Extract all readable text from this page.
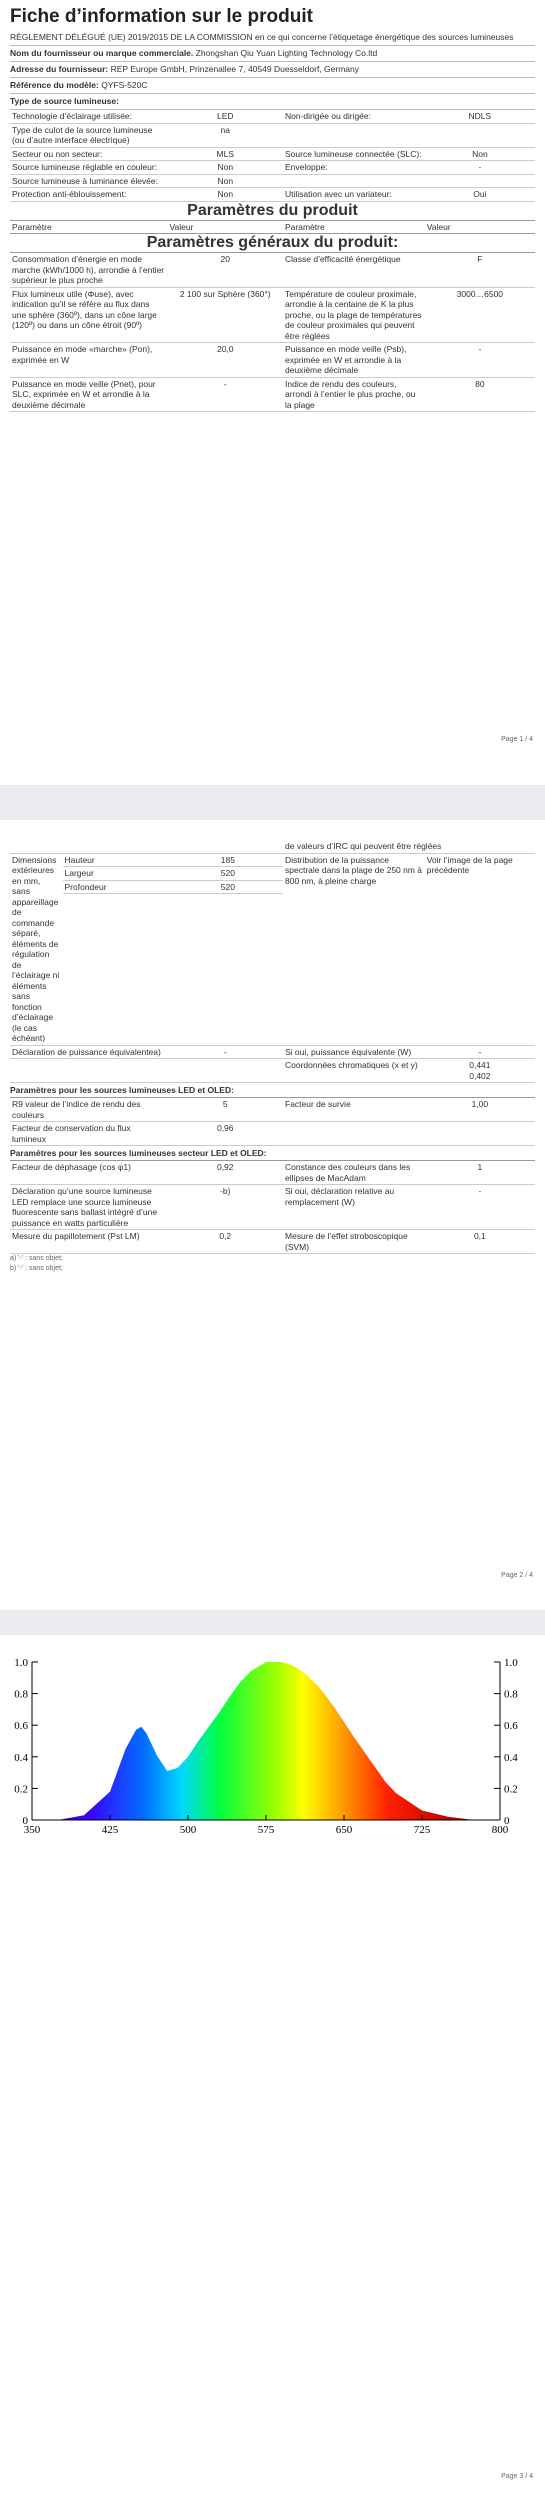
Fiche d’information sur le produit
RÈGLEMENT DÉLÉGUÉ (UE) 2019/2015 DE LA COMMISSION en ce qui concerne l’étiquetage énergétique des sources lumineuses
Nom du fournisseur ou marque commerciale. Zhongshan Qiu Yuan Lighting Technology Co.ltd
Adresse du fournisseur: REP Europe GmbH, Prinzenallee 7, 40549 Duesseldorf, Germany
Référence du modèle: QYFS-520C
Type de source lumineuse:
Technologie d’éclairage utilisée:	LED	Non-dirigée ou dirigée:	NDLS
Type de culot de la source lumineuse (ou d’autre interface électrique)	na		
Secteur ou non secteur:	MLS	Source lumineuse connectée (SLC):	Non
Source lumineuse réglable en couleur:	Non	Enveloppe:	-
Source lumineuse à luminance élevée:	Non		
Protection anti-éblouissement:	Non	Utilisation avec un variateur:	Oui
Paramètres du produit
Paramètre	Valeur	Paramètre	Valeur
Paramètres généraux du produit:
Consommation d’énergie en mode marche (kWh/1000 h), arrondie à l’entier supérieur le plus proche	20	Classe d’efficacité énergétique	F
Flux lumineux utile (Φuse), avec indication qu’il se réfère au flux dans une sphère (360º), dans un cône large (120º) ou dans un cône étroit (90º)	2 100 sur Sphère (360°)	Température de couleur proximale, arrondie à la centaine de K la plus proche, ou la plage de températures de couleur proximales qui peuvent être réglées	3000…6500
Puissance en mode «marche» (Pon), exprimée en W	20,0	Puissance en mode veille (Psb), exprimée en W et arrondie à la deuxième décimale	-
Puissance en mode veille (Pnet), pour SLC, exprimée en W et arrondie à la deuxième décimale	-	Indice de rendu des couleurs, arrondi à l’entier le plus proche, ou la plage	80
Page 1 / 4
	de valeurs d’IRC qui peuvent être réglées
Dimensions extérieures en mm, sans appareillage de commande séparé, éléments de régulation de l’éclairage ni éléments sans fonction d’éclairage (le cas échéant)	
Hauteur	185
Largeur	520
Profondeur	520
	Distribution de la puissance spectrale dans la plage de 250 nm à 800 nm, à pleine charge	Voir l’image de la page précédente
Déclaration de puissance équivalentea)	-	Si oui, puissance équivalente (W)	-
		Coordonnées chromatiques (x et y)	0,441
0,402
Paramètres pour les sources lumineuses LED et OLED:
R9 valeur de l’indice de rendu des couleurs	5	Facteur de survie	1,00
Facteur de conservation du flux lumineux	0,96		
Paramètres pour les sources lumineuses secteur LED et OLED:
Facteur de déphasage (cos φ1)	0,92	Constance des couleurs dans les ellipses de MacAdam	1
Déclaration qu’une source lumineuse LED remplace une source lumineuse fluorescente sans ballast intégré d’une puissance en watts particulière	-b)	Si oui, déclaration relative au remplacement (W)	-
Mesure du papillotement (Pst LM)	0,2	Mesure de l’effet stroboscopique (SVM)	0,1
a) '-' : sans objet;
b) '-' : sans objet;
Page 2 / 4
350	425	500	575	650	725	800
0
0.2
0.4
0.6
0.8
1.0
0
0.2
0.4
0.6
0.8
1.0
Page 3 / 4
